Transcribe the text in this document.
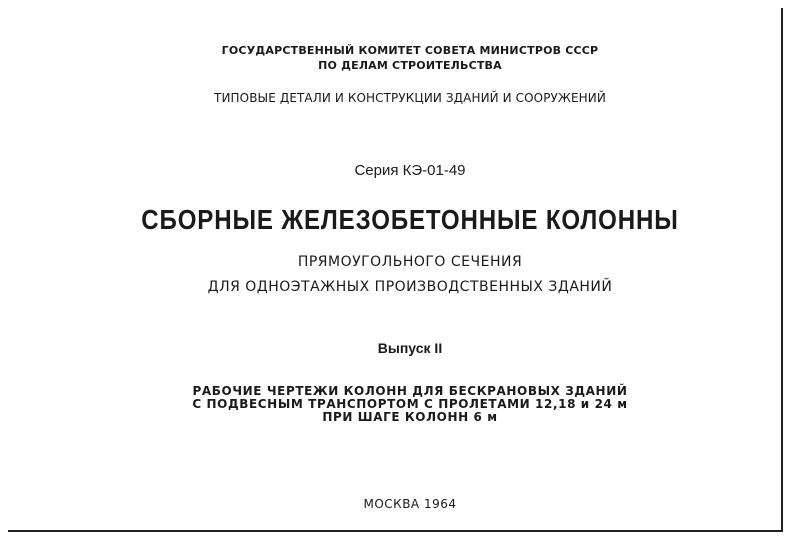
ГОСУДАРСТВЕННЫЙ КОМИТЕТ СОВЕТА МИНИСТРОВ СССР
ПО ДЕЛАМ СТРОИТЕЛЬСТВА
ТИПОВЫЕ ДЕТАЛИ И КОНСТРУКЦИИ ЗДАНИЙ И СООРУЖЕНИЙ
Серия КЭ-01-49
СБОРНЫЕ ЖЕЛЕЗОБЕТОННЫЕ КОЛОННЫ
ПРЯМОУГОЛЬНОГО СЕЧЕНИЯ
ДЛЯ ОДНОЭТАЖНЫХ ПРОИЗВОДСТВЕННЫХ ЗДАНИЙ
Выпуск II
РАБОЧИЕ ЧЕРТЕЖИ КОЛОНН ДЛЯ БЕСКРАНОВЫХ ЗДАНИЙ
С ПОДВЕСНЫМ ТРАНСПОРТОМ С ПРОЛЕТАМИ 12,18 и 24 м
ПРИ ШАГЕ КОЛОНН 6 м
МОСКВА 1964
